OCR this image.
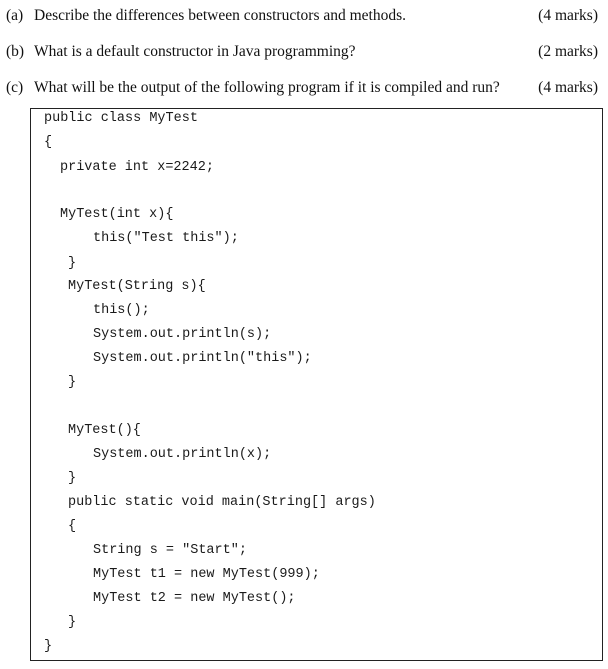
(a) Describe the differences between constructors and methods.	(4 marks)
(b) What is a default constructor in Java programming?	(2 marks)
(c) What will be the output of the following program if it is compiled and run? (4 marks)
public class MyTest
{
private int x=2242;
MyTest(int x){
this("Test this");
}
MyTest(String s){
this();
System.out.println(s);
System.out.println("this");
}
MyTest(){
System.out.println(x);
}
public static void main(String[] args)
{
String s = "Start";
MyTest t1 = new MyTest(999);
MyTest t2 = new MyTest();
}
}
